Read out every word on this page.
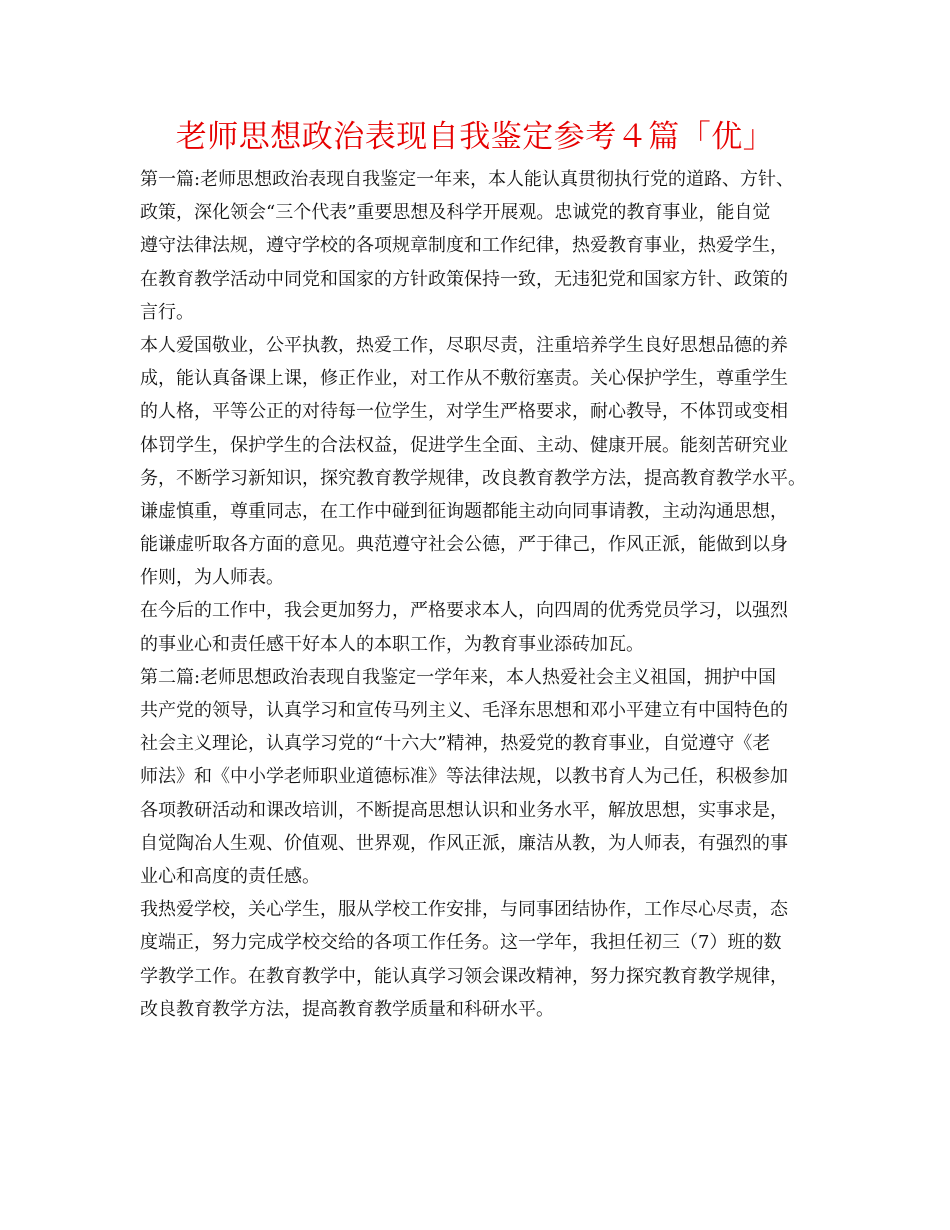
老师思想政治表现自我鉴定参考４篇「优」
第一篇:老师思想政治表现自我鉴定一年来，本人能认真贯彻执行党的道路、方针、
政策，深化领会“三个代表”重要思想及科学开展观。忠诚党的教育事业，能自觉
遵守法律法规，遵守学校的各项规章制度和工作纪律，热爱教育事业，热爱学生，
在教育教学活动中同党和国家的方针政策保持一致，无违犯党和国家方针、政策的
言行。
本人爱国敬业，公平执教，热爱工作，尽职尽责，注重培养学生良好思想品德的养
成，能认真备课上课，修正作业，对工作从不敷衍塞责。关心保护学生，尊重学生
的人格，平等公正的对待每一位学生，对学生严格要求，耐心教导，不体罚或变相
体罚学生，保护学生的合法权益，促进学生全面、主动、健康开展。能刻苦研究业
务，不断学习新知识，探究教育教学规律，改良教育教学方法，提高教育教学水平。
谦虚慎重，尊重同志，在工作中碰到征询题都能主动向同事请教，主动沟通思想，
能谦虚听取各方面的意见。典范遵守社会公德，严于律己，作风正派，能做到以身
作则，为人师表。
在今后的工作中，我会更加努力，严格要求本人，向四周的优秀党员学习，以强烈
的事业心和责任感干好本人的本职工作，为教育事业添砖加瓦。
第二篇:老师思想政治表现自我鉴定一学年来，本人热爱社会主义祖国，拥护中国
共产党的领导，认真学习和宣传马列主义、毛泽东思想和邓小平建立有中国特色的
社会主义理论，认真学习党的“十六大”精神，热爱党的教育事业，自觉遵守《老
师法》和《中小学老师职业道德标准》等法律法规，以教书育人为己任，积极参加
各项教研活动和课改培训，不断提高思想认识和业务水平，解放思想，实事求是，
自觉陶冶人生观、价值观、世界观，作风正派，廉洁从教，为人师表，有强烈的事
业心和高度的责任感。
我热爱学校，关心学生，服从学校工作安排，与同事团结协作，工作尽心尽责，态
度端正，努力完成学校交给的各项工作任务。这一学年，我担任初三（7）班的数
学教学工作。在教育教学中，能认真学习领会课改精神，努力探究教育教学规律，
改良教育教学方法，提高教育教学质量和科研水平。
